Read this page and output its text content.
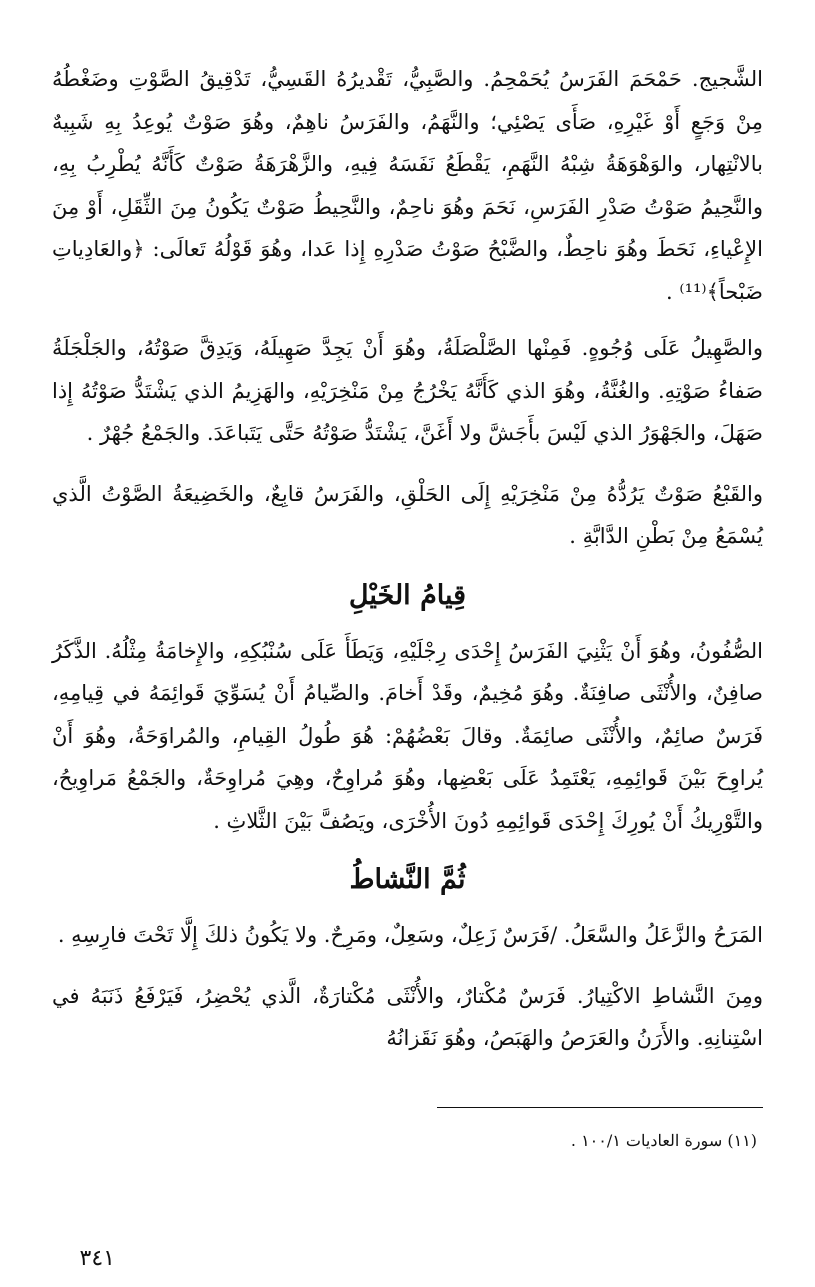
الشَّجيج. حَمْحَمَ الفَرَسُ يُحَمْحِمُ. والصَّبِيُّ، تَقْديرُهُ القَسِيُّ، تَدْقِيقُ الصَّوْتِ وضَغْطُهُ مِنْ وَجَعٍ أَوْ غَيْرِهِ، صَأَى يَصْئِي؛ والنَّهَمُ، والفَرَسُ ناهِمٌ، وهُوَ صَوْتٌ يُوعِدُ بِهِ شَبِيهٌ بالانْتِهار، والوَهْوَهَةُ شِبْهُ النَّهَمِ، يَقْطَعُ نَفَسَهُ فِيهِ، والزَّهْرَهَةُ صَوْتٌ كَأَنَّهُ يُطْرِبُ بِهِ، والنَّحِيمُ صَوْتُ صَدْرِ الفَرَسِ، نَحَمَ وهُوَ ناحِمٌ، والنَّحِيطُ صَوْتٌ يَكُونُ مِنَ الثِّقَلِ، أَوْ مِنَ الإِعْياءِ، نَحَطَ وهُوَ ناحِطٌ، والضَّبْحُ صَوْتُ صَدْرِهِ إِذا عَدا، وهُوَ قَوْلُهُ تَعالَى: ﴿والعَادِياتِ ضَبْحاً﴾⁽¹¹⁾ .

والصَّهِيلُ عَلَى وُجُوهٍ. فَمِنْها الصَّلْصَلَةُ، وهُوَ أَنْ يَجِدَّ صَهِيلَهُ، وَيَدِقَّ صَوْتُهُ، والجَلْجَلَةُ صَفاءُ صَوْتِهِ. والغُنَّةُ، وهُوَ الذي كَأَنَّهُ يَخْرُجُ مِنْ مَنْخِرَيْهِ، والهَزِيمُ الذي يَشْتَدُّ صَوْتُهُ إِذا صَهَلَ، والجَهْوَرُ الذي لَيْسَ بأَجَشَّ ولا أَغَنَّ، يَشْتَدُّ صَوْتُهُ حَتَّى يَتَباعَدَ. والجَمْعُ جُهْرٌ .

والقَبْعُ صَوْتٌ يَرُدُّهُ مِنْ مَنْخِرَيْهِ إِلَى الحَلْقِ، والفَرَسُ قابِعٌ، والخَضِيعَةُ الصَّوْتُ الَّذي يُسْمَعُ مِنْ بَطْنِ الدَّابَّةِ .

قِيامُ الخَيْلِ

الصُّفُونُ، وهُوَ أَنْ يَثْنِيَ الفَرَسُ إِحْدَى رِجْلَيْهِ، وَيَطَأَ عَلَى سُنْبُكِهِ، والإِخامَةُ مِثْلُهُ. الذَّكَرُ صافِنٌ، والأُنْثَى صافِنَةٌ. وهُوَ مُخِيمٌ، وقَدْ أَخامَ. والصِّيامُ أَنْ يُسَوِّيَ قَوائِمَهُ في قِيامِهِ، فَرَسٌ صائِمٌ، والأُنْثَى صائِمَةٌ. وقالَ بَعْضُهُمْ: هُوَ طُولُ القِيامِ، والمُراوَحَةُ، وهُوَ أَنْ يُراوِحَ بَيْنَ قَوائِمِهِ، يَعْتَمِدُ عَلَى بَعْضِها، وهُوَ مُراوِحٌ، وهِيَ مُراوِحَةٌ، والجَمْعُ مَراوِيحُ، والتَّوْرِيكُ أَنْ يُورِكَ إِحْدَى قَوائِمِهِ دُونَ الأُخْرَى، ويَصُفَّ بَيْنَ الثَّلاثِ .

ثُمَّ النَّشاطُ

المَرَحُ والزَّعَلُ والسَّعَلُ. /فَرَسٌ زَعِلٌ، وسَعِلٌ، ومَرِحٌ. ولا يَكُونُ ذلكَ إِلَّا تَحْتَ فارِسِهِ .

ومِنَ النَّشاطِ الاكْتِيارُ. فَرَسٌ مُكْتارٌ، والأُنْثَى مُكْتارَةٌ، الَّذي يُحْضِرُ، فَيَرْفَعُ ذَنَبَهُ في اسْتِنانِهِ. والأَرَنُ والعَرَصُ والهَبَصُ، وهُوَ نَقَزانُهُ

(١١) سورة العاديات ١٠٠/١ .
٣٤١
